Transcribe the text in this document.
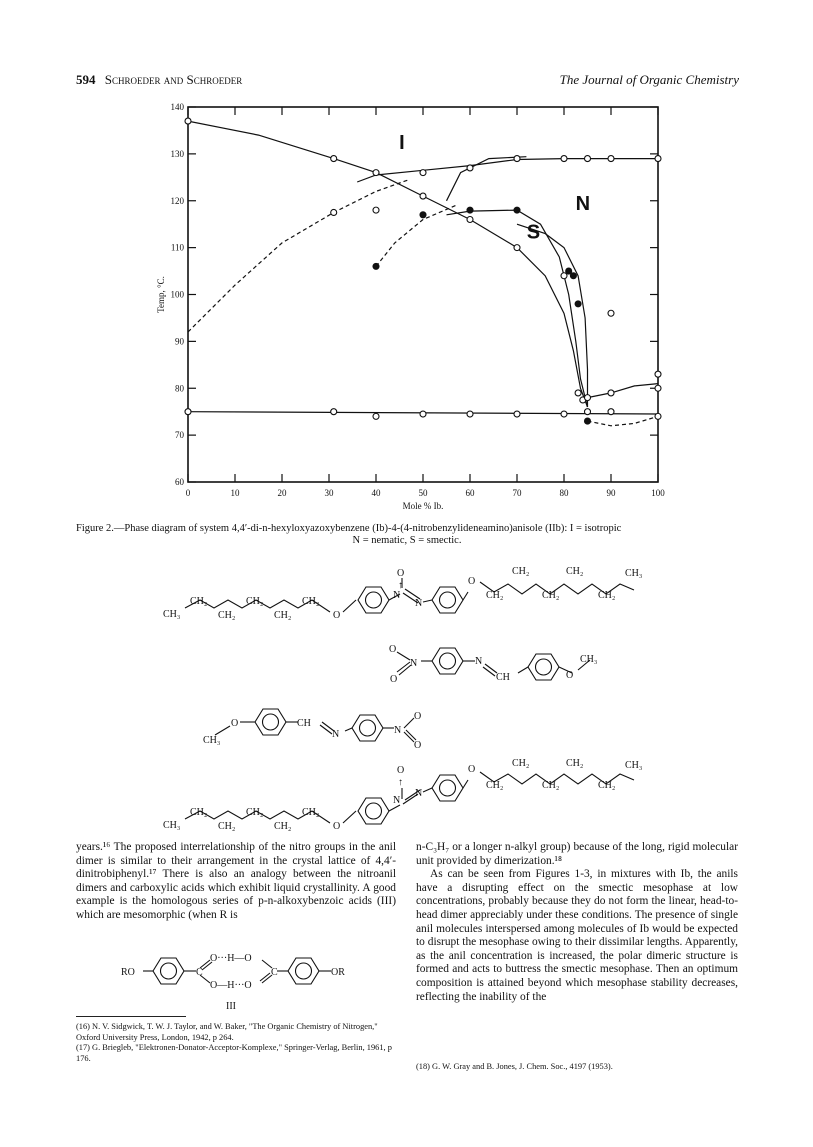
594 Schroeder and Schroeder	The Journal of Organic Chemistry
0	10	20	30	40	50	60	70	80	90	100
60
70
80
90
100
110
120
130
140
I
N
S
Mole % Ib.
Temp, °C.
Figure 2.—Phase diagram of system 4,4′-di-n-hexyloxyazoxybenzene (Ib)-4-(4-nitrobenzylideneamino)anisole (IIb): I = isotropic
N = nematic, S = smectic.
CH₃
CH₂
CH₂
CH₂
CH₂
CH₂
O
O
↑
N
N
O
CH₂
CH₂
CH₂
CH₂
CH₂
CH₃
O
O
N	N
CH	O
CH₃
CH₃
O	CH
N	N
O
O
CH₃
CH₂
CH₂
CH₂
CH₂
CH₂
O
O
↑
N
N
O
CH₂
CH₂
CH₂
CH₂
CH₂
CH₃
RO	C
O···H—O
O—H···O
C	OR
III

years.¹⁶ The proposed interrelationship of the nitro groups in the anil dimer is similar to their arrangement in the crystal lattice of 4,4′-dinitrobiphenyl.¹⁷ There is also an analogy between the nitroanil dimers and carboxylic acids which exhibit liquid crystallinity. A good example is the homologous series of p-n-alkoxybenzoic acids (III) which are mesomorphic (when R is

n-C₃H₇ or a longer n-alkyl group) because of the long, rigid molecular unit provided by dimerization.¹⁸

As can be seen from Figures 1-3, in mixtures with Ib, the anils have a disrupting effect on the smectic mesophase at low concentrations, probably because they do not form the linear, head-to-head dimer appreciably under these conditions. The presence of single anil molecules interspersed among molecules of Ib would be expected to disrupt the mesophase owing to their dissimilar lengths. Apparently, as the anil concentration is increased, the polar dimeric structure is formed and acts to buttress the smectic mesophase. Then an optimum composition is attained beyond which mesophase stability decreases, reflecting the inability of the

(16) N. V. Sidgwick, T. W. J. Taylor, and W. Baker, "The Organic Chemistry of Nitrogen," Oxford University Press, London, 1942, p 264.
(17) G. Briegleb, "Elektronen-Donator-Acceptor-Komplexe," Springer-Verlag, Berlin, 1961, p 176.
(18) G. W. Gray and B. Jones, J. Chem. Soc., 4197 (1953).
